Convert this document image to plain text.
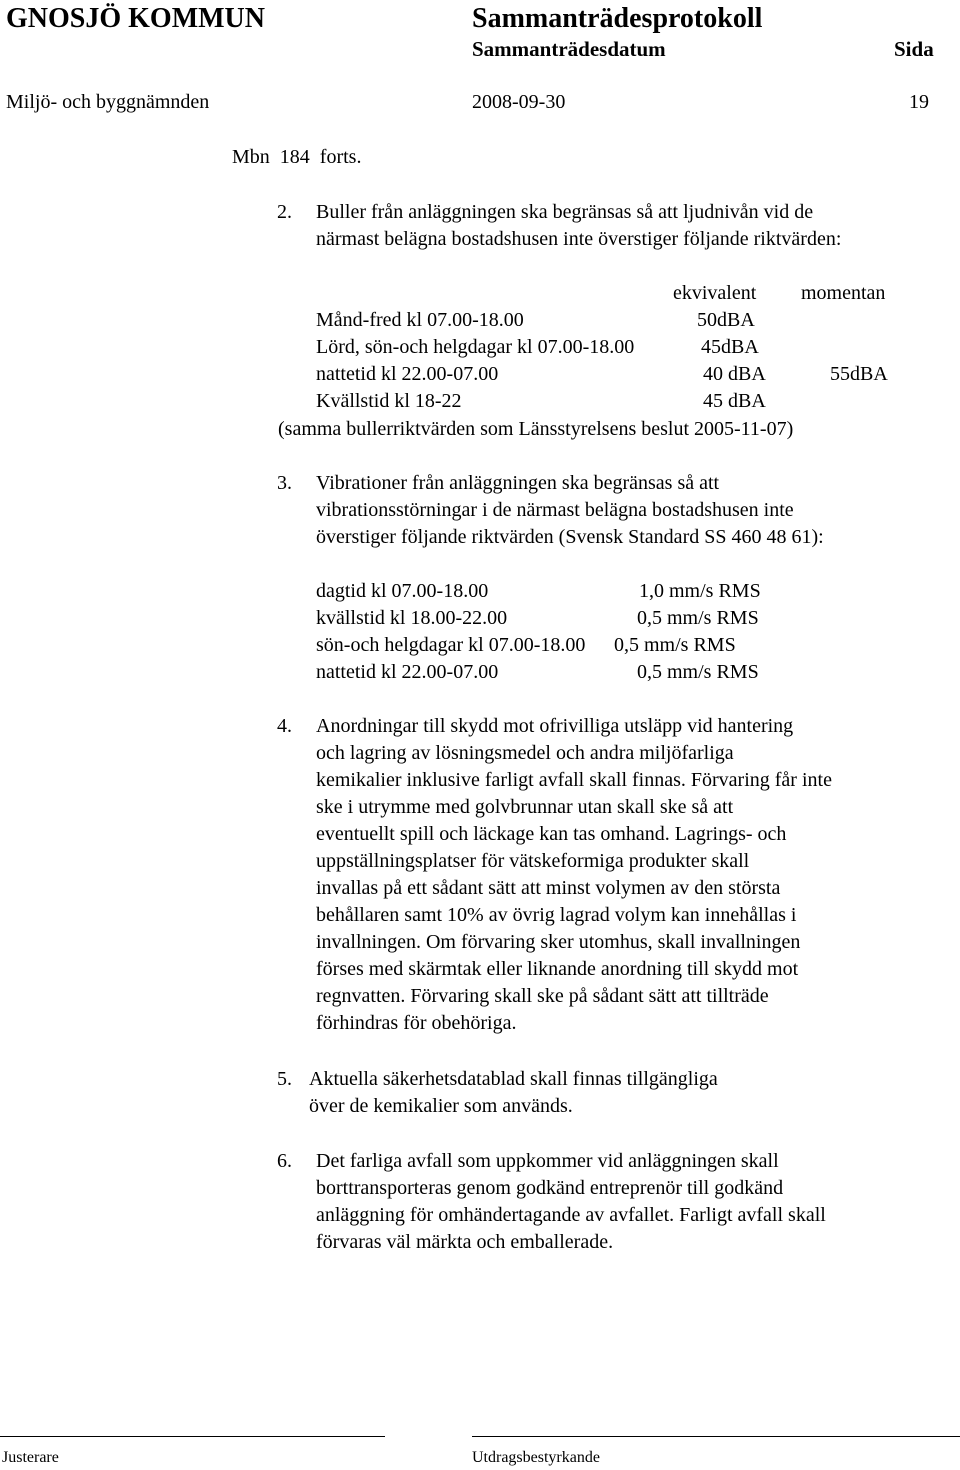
GNOSJÖ KOMMUN	Sammanträdesprotokoll
Sammanträdesdatum	Sida
Miljö- och byggnämnden	2008-09-30	19
Mbn  184  forts.
2. Buller från anläggningen ska begränsas så att ljudnivån vid de
närmast belägna bostadshusen inte överstiger följande riktvärden:
ekvivalent momentan
Månd-fred kl 07.00-18.00	50dBA
Lörd, sön-och helgdagar kl 07.00-18.00	45dBA
nattetid kl 22.00-07.00	40 dBA	55dBA
Kvällstid kl 18-22	45 dBA
(samma bullerriktvärden som Länsstyrelsens beslut 2005-11-07)
3. Vibrationer från anläggningen ska begränsas så att
vibrationsstörningar i de närmast belägna bostadshusen inte
överstiger följande riktvärden (Svensk Standard SS 460 48 61):
dagtid kl 07.00-18.00	1,0 mm/s RMS
kvällstid kl 18.00-22.00	0,5 mm/s RMS
sön-och helgdagar kl 07.00-18.00 0,5 mm/s RMS
nattetid kl 22.00-07.00	0,5 mm/s RMS
4. Anordningar till skydd mot ofrivilliga utsläpp vid hantering
och lagring av lösningsmedel och andra miljöfarliga
kemikalier inklusive farligt avfall skall finnas. Förvaring får inte
ske i utrymme med golvbrunnar utan skall ske så att
eventuellt spill och läckage kan tas omhand. Lagrings- och
uppställningsplatser för vätskeformiga produkter skall
invallas på ett sådant sätt att minst volymen av den största
behållaren samt 10% av övrig lagrad volym kan innehållas i
invallningen. Om förvaring sker utomhus, skall invallningen
förses med skärmtak eller liknande anordning till skydd mot
regnvatten. Förvaring skall ske på sådant sätt att tillträde
förhindras för obehöriga.
5. Aktuella säkerhetsdatablad skall finnas tillgängliga
över de kemikalier som används.
6. Det farliga avfall som uppkommer vid anläggningen skall
borttransporteras genom godkänd entreprenör till godkänd
anläggning för omhändertagande av avfallet. Farligt avfall skall
förvaras väl märkta och emballerade.
Justerare	Utdragsbestyrkande
